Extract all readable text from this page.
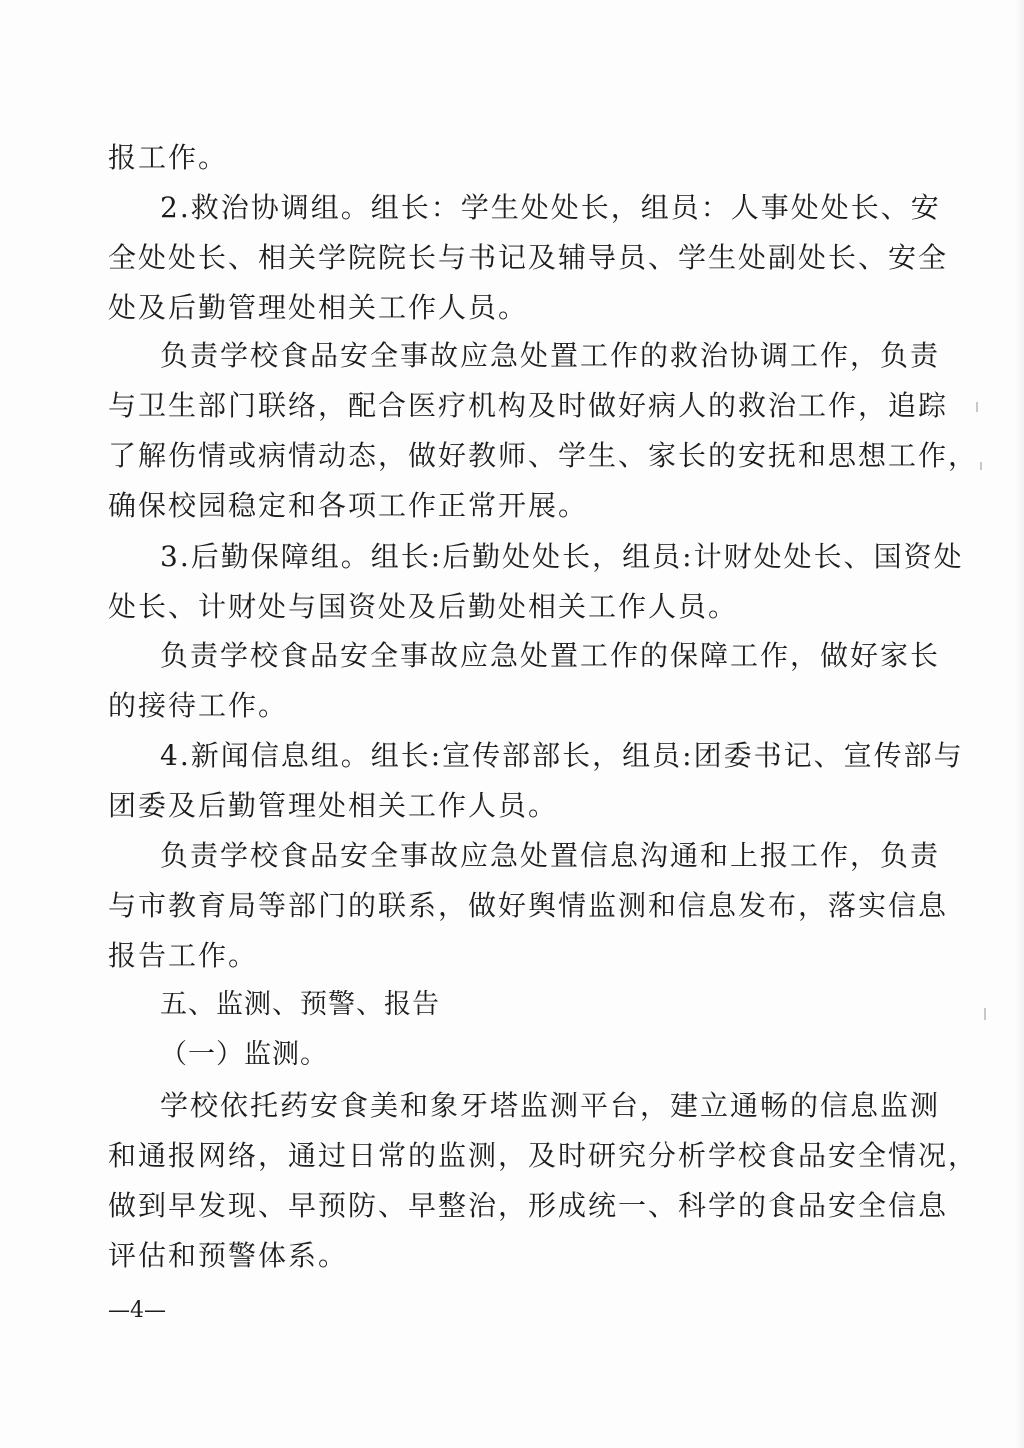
报工作。
2.救治协调组。组长：学生处处长，组员：人事处处长、安
全处处长、相关学院院长与书记及辅导员、学生处副处长、安全
处及后勤管理处相关工作人员。
负责学校食品安全事故应急处置工作的救治协调工作，负责
与卫生部门联络，配合医疗机构及时做好病人的救治工作，追踪
了解伤情或病情动态，做好教师、学生、家长的安抚和思想工作，
确保校园稳定和各项工作正常开展。
3.后勤保障组。组长:后勤处处长，组员:计财处处长、国资处
处长、计财处与国资处及后勤处相关工作人员。
负责学校食品安全事故应急处置工作的保障工作，做好家长
的接待工作。
4.新闻信息组。组长:宣传部部长，组员:团委书记、宣传部与
团委及后勤管理处相关工作人员。
负责学校食品安全事故应急处置信息沟通和上报工作，负责
与市教育局等部门的联系，做好舆情监测和信息发布，落实信息
报告工作。
五、监测、预警、报告
（一）监测。
学校依托药安食美和象牙塔监测平台，建立通畅的信息监测
和通报网络，通过日常的监测，及时研究分析学校食品安全情况，
做到早发现、早预防、早整治，形成统一、科学的食品安全信息
评估和预警体系。
—4—
